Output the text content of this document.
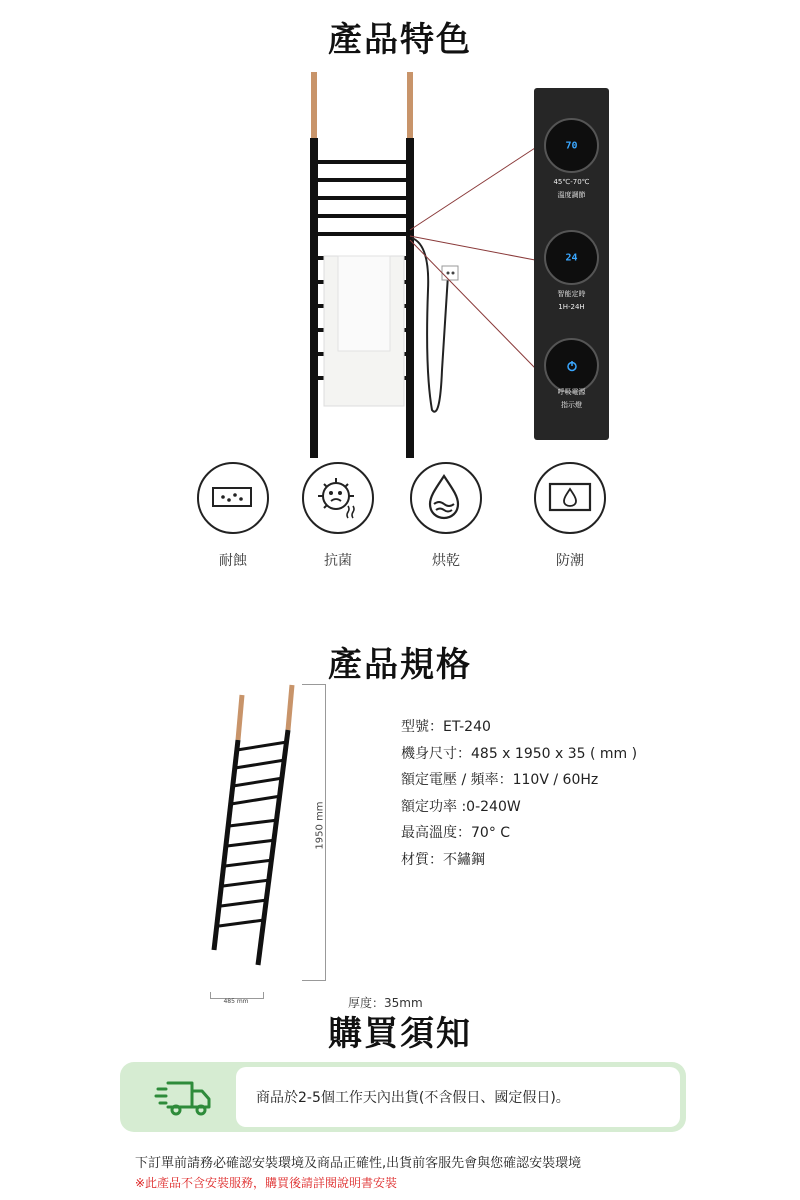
產品特色
70
45℃-70℃
溫度調節
24
智能定時
1H-24H
呼吸電源
指示燈
耐蝕	抗菌	烘乾	防潮
產品規格
1950 mm
485 mm	厚度：35mm
型號：ET-240
機身尺寸：485 x 1950 x 35 ( mm )
額定電壓 / 頻率：110V / 60Hz
額定功率 :0-240W
最高溫度：70° C
材質：不鏽鋼
購買須知
商品於2-5個工作天內出貨(不含假日、國定假日)。
下訂單前請務必確認安裝環境及商品正確性,出貨前客服先會與您確認安裝環境
※此產品不含安裝服務，購買後請詳閱說明書安裝
